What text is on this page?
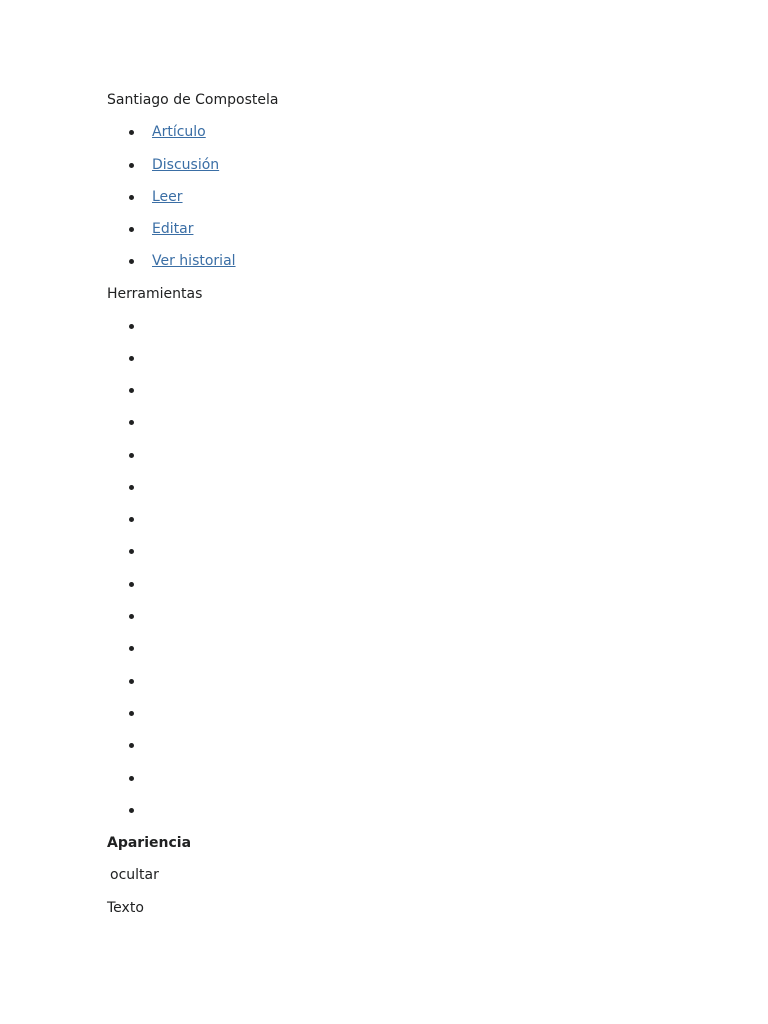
Santiago de Compostela
Artículo
Discusión
Leer
Editar
Ver historial
Herramientas
Apariencia
ocultar
Texto
